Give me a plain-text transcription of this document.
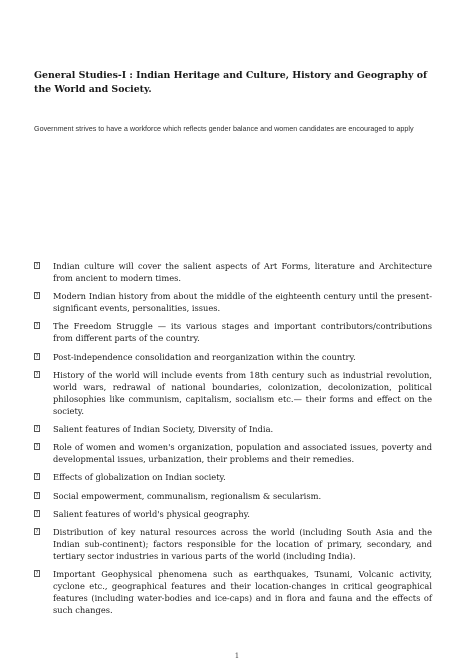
General Studies-I : Indian Heritage and Culture, History and Geography of the World and Society.
Government strives to have a workforce which reflects gender balance and women candidates are encouraged to apply
? Indian culture will cover the salient aspects of Art Forms, literature and Architecture from ancient to modern times.
? Modern Indian history from about the middle of the eighteenth century until the present-significant events, personalities, issues.
? The Freedom Struggle — its various stages and important contributors/contributions from different parts of the country.
? Post-independence consolidation and reorganization within the country.
? History of the world will include events from 18th century such as industrial revolution, world wars, redrawal of national boundaries, colonization, decolonization, political philosophies like communism, capitalism, socialism etc.— their forms and effect on the society.
? Salient features of Indian Society, Diversity of India.
? Role of women and women's organization, population and associated issues, poverty and developmental issues, urbanization, their problems and their remedies.
? Effects of globalization on Indian society.
? Social empowerment, communalism, regionalism & secularism.
? Salient features of world's physical geography.
? Distribution of key natural resources across the world (including South Asia and the Indian sub-continent); factors responsible for the location of primary, secondary, and tertiary sector industries in various parts of the world (including India).
? Important Geophysical phenomena such as earthquakes, Tsunami, Volcanic activity, cyclone etc., geographical features and their location-changes in critical geographical features (including water-bodies and ice-caps) and in flora and fauna and the effects of such changes.
1
